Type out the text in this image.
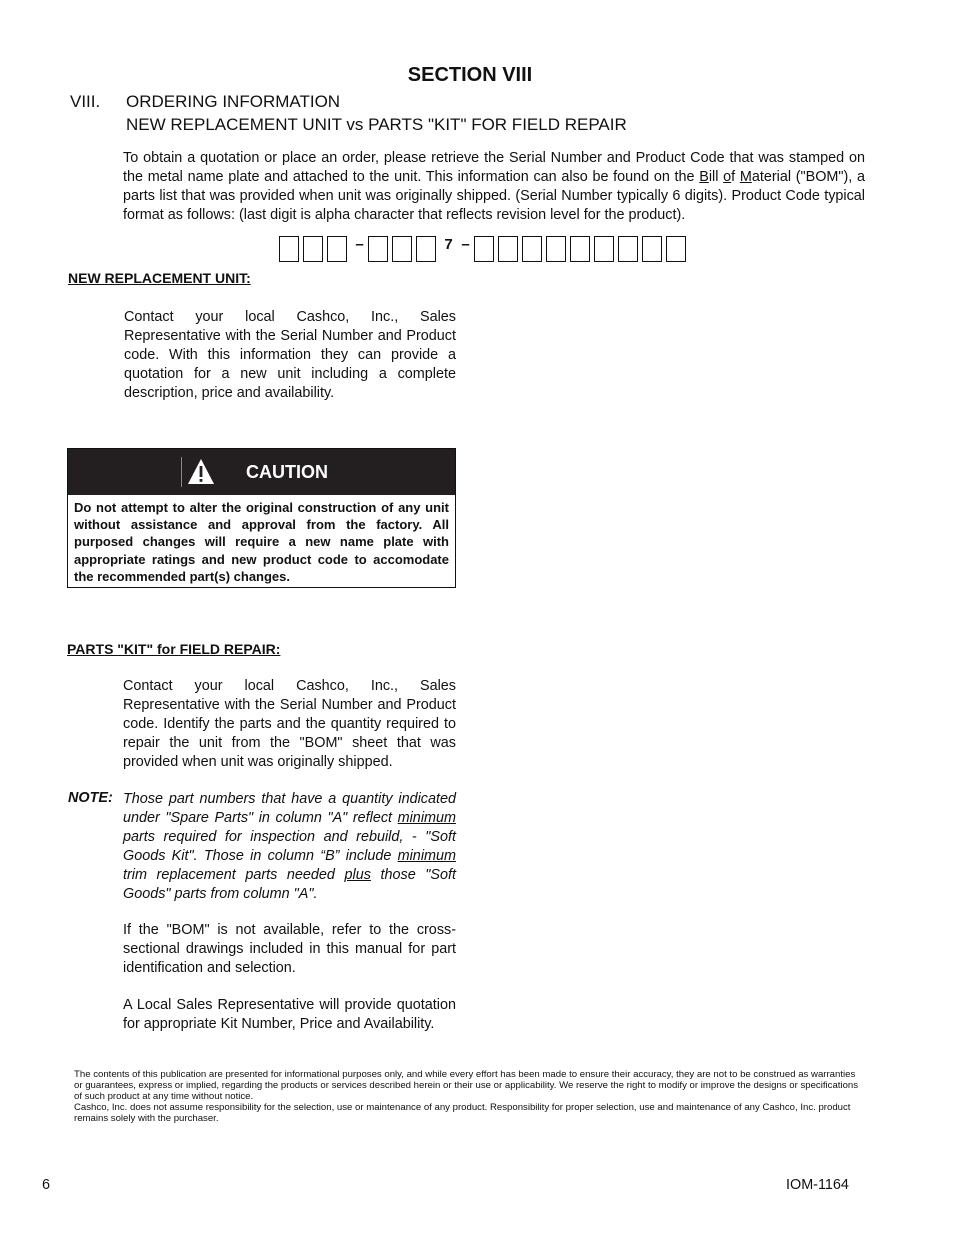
SECTION VIII
VIII. ORDERING INFORMATION
NEW REPLACEMENT UNIT vs PARTS "KIT" FOR FIELD REPAIR
To obtain a quotation or place an order, please retrieve the Serial Number and Product Code that was stamped on the metal name plate and attached to the unit. This information can also be found on the Bill of Material ("BOM"), a parts list that was provided when unit was originally shipped. (Serial Number typically 6 digits). Product Code typical format as follows: (last digit is alpha character that reflects revision level for the product).
–	7 –
NEW REPLACEMENT UNIT:
Contact your local Cashco, Inc., Sales Representative with the Serial Number and Product code. With this information they can provide a quotation for a new unit including a complete description, price and availability.
CAUTION
Do not attempt to alter the original construction of any unit without assistance and approval from the factory. All purposed changes will require a new name plate with appropriate ratings and new product code to accomodate the recommended part(s) changes.
PARTS "KIT" for FIELD REPAIR:
Contact your local Cashco, Inc., Sales Representative with the Serial Number and Product code. Identify the parts and the quantity required to repair the unit from the "BOM" sheet that was provided when unit was originally shipped.
NOTE: Those part numbers that have a quantity indicated under "Spare Parts" in column "A" reflect minimum parts required for inspection and rebuild, - "Soft Goods Kit". Those in column “B” include minimum trim replacement parts needed plus those "Soft Goods" parts from column "A".
If the "BOM" is not available, refer to the cross-sectional drawings included in this manual for part identification and selection.
A Local Sales Representative will provide quotation for appropriate Kit Number, Price and Availability.
The contents of this publication are presented for informational purposes only, and while every effort has been made to ensure their accuracy, they are not to be construed as warranties or guarantees, express or implied, regarding the products or services described herein or their use or applicability. We reserve the right to modify or improve the designs or specifications of such product at any time without notice.
Cashco, Inc. does not assume responsibility for the selection, use or maintenance of any product. Responsibility for proper selection, use and maintenance of any Cashco, Inc. product remains solely with the purchaser.
6	IOM-1164
